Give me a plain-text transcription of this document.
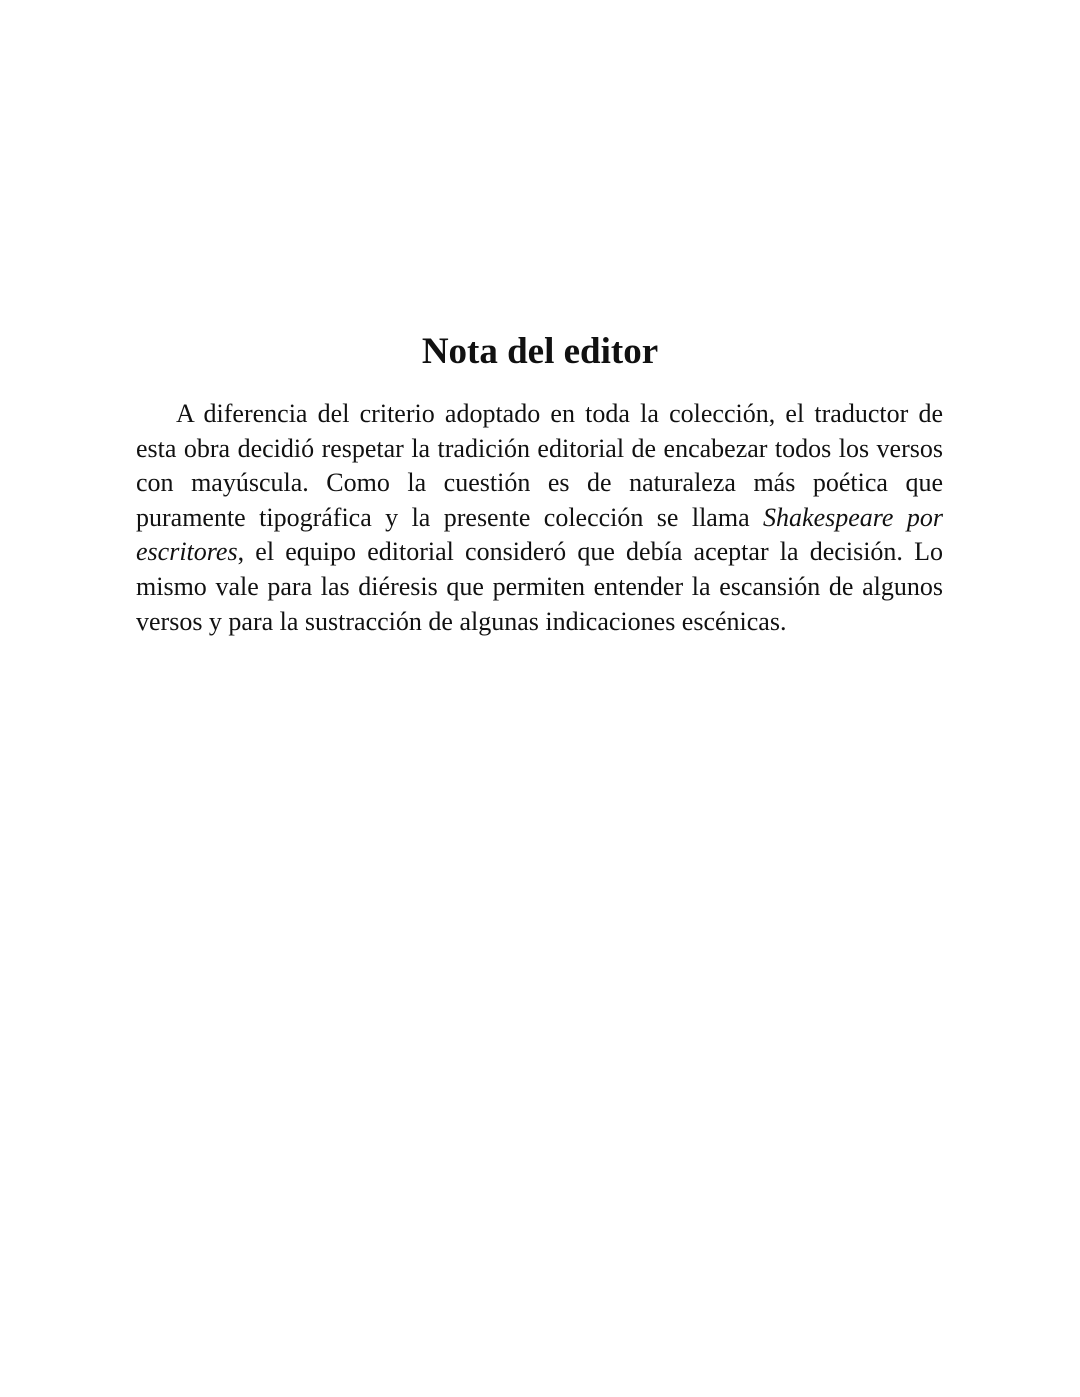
Nota del editor

A diferencia del criterio adoptado en toda la colección, el traductor de esta obra decidió respetar la tradición editorial de encabezar todos los versos con mayúscula. Como la cuestión es de naturaleza más poética que puramente tipográfica y la presente colección se llama Shakespeare por escritores, el equipo editorial consideró que debía aceptar la decisión. Lo mismo vale para las diéresis que permiten entender la escansión de algunos versos y para la sustracción de algunas indicaciones escénicas.
